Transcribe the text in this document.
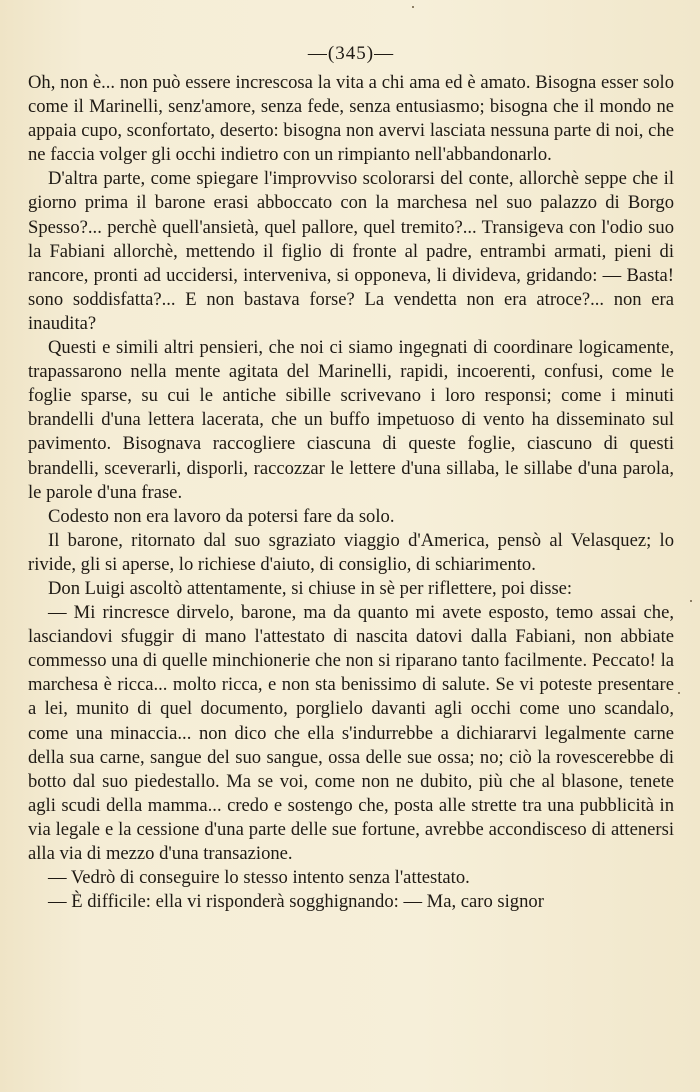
—(345)—

Oh, non è... non può essere increscosa la vita a chi ama ed è amato. Bisogna esser solo come il Marinelli, senz'amore, senza fede, senza entusiasmo; bisogna che il mondo ne appaia cupo, sconfortato, deserto: bisogna non avervi lasciata nessuna parte di noi, che ne faccia volger gli occhi indietro con un rimpianto nell'abbandonarlo.

D'altra parte, come spiegare l'improvviso scolorarsi del conte, allorchè seppe che il giorno prima il barone erasi abboccato con la marchesa nel suo palazzo di Borgo Spesso?... perchè quell'ansietà, quel pallore, quel tremito?... Transigeva con l'odio suo la Fabiani allorchè, mettendo il figlio di fronte al padre, entrambi armati, pieni di rancore, pronti ad uccidersi, interveniva, si opponeva, li divideva, gridando: — Basta! sono soddisfatta?... E non bastava forse? La vendetta non era atroce?... non era inaudita?

Questi e simili altri pensieri, che noi ci siamo ingegnati di coordinare logicamente, trapassarono nella mente agitata del Marinelli, rapidi, incoerenti, confusi, come le foglie sparse, su cui le antiche sibille scrivevano i loro responsi; come i minuti brandelli d'una lettera lacerata, che un buffo impetuoso di vento ha disseminato sul pavimento. Bisognava raccogliere ciascuna di queste foglie, ciascuno di questi brandelli, sceverarli, disporli, raccozzar le lettere d'una sillaba, le sillabe d'una parola, le parole d'una frase.

Codesto non era lavoro da potersi fare da solo.

Il barone, ritornato dal suo sgraziato viaggio d'America, pensò al Velasquez; lo rivide, gli si aperse, lo richiese d'aiuto, di consiglio, di schiarimento.

Don Luigi ascoltò attentamente, si chiuse in sè per riflettere, poi disse:

— Mi rincresce dirvelo, barone, ma da quanto mi avete esposto, temo assai che, lasciandovi sfuggir di mano l'attestato di nascita datovi dalla Fabiani, non abbiate commesso una di quelle minchionerie che non si riparano tanto facilmente. Peccato! la marchesa è ricca... molto ricca, e non sta benissimo di salute. Se vi poteste presentare a lei, munito di quel documento, porglielo davanti agli occhi come uno scandalo, come una minaccia... non dico che ella s'indurrebbe a dichiararvi legalmente carne della sua carne, sangue del suo sangue, ossa delle sue ossa; no; ciò la rovescerebbe di botto dal suo piedestallo. Ma se voi, come non ne dubito, più che al blasone, tenete agli scudi della mamma... credo e sostengo che, posta alle strette tra una pubblicità in via legale e la cessione d'una parte delle sue fortune, avrebbe accondisceso di attenersi alla via di mezzo d'una transazione.

— Vedrò di conseguire lo stesso intento senza l'attestato.

— È difficile: ella vi risponderà sogghignando: — Ma, caro signor
